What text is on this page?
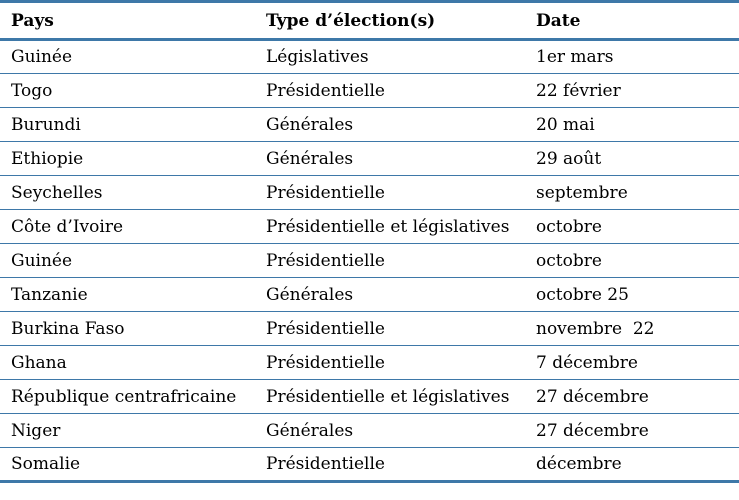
Pays	Type d’élection(s)	Date
Guinée	Législatives	1er mars
Togo	Présidentielle	22 février
Burundi	Générales	20 mai
Ethiopie	Générales	29 août
Seychelles	Présidentielle	septembre
Côte d’Ivoire	Présidentielle et législatives	octobre
Guinée	Présidentielle	octobre
Tanzanie	Générales	octobre 25
Burkina Faso	Présidentielle	novembre  22
Ghana	Présidentielle	7 décembre
République centrafricaine	Présidentielle et législatives	27 décembre
Niger	Générales	27 décembre
Somalie	Présidentielle	décembre
